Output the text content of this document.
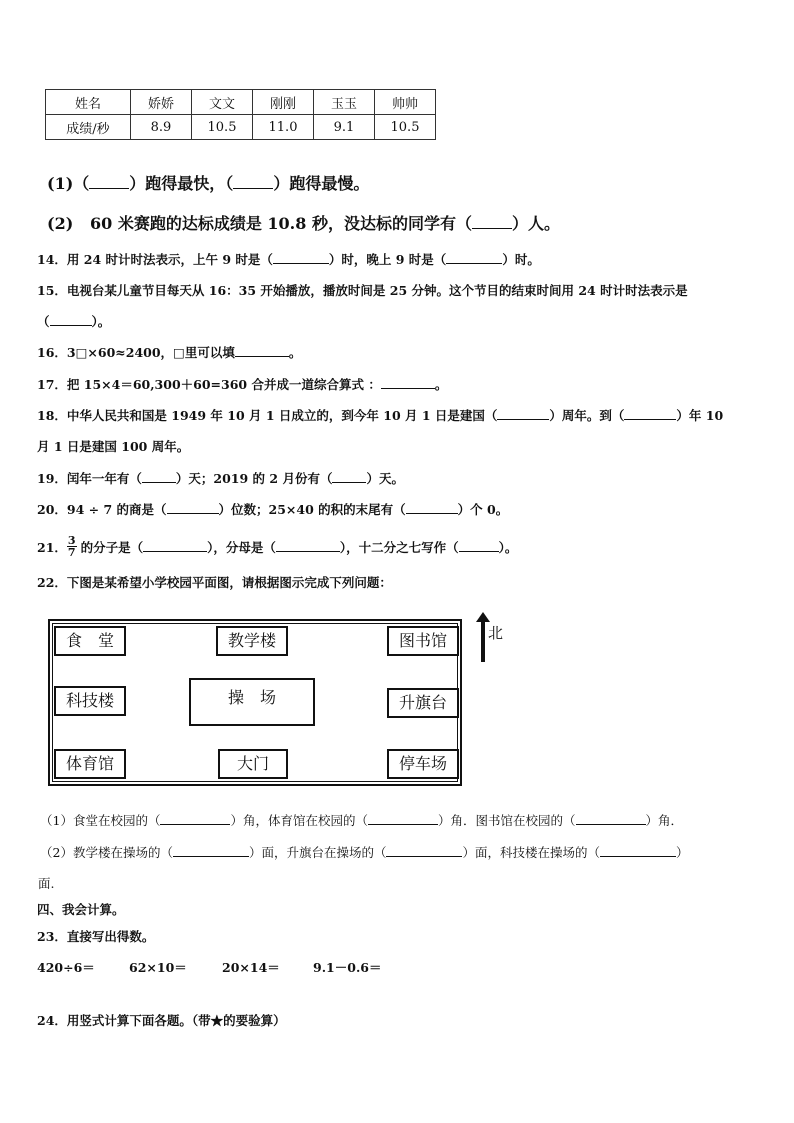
姓名	娇娇	文文	刚刚	玉玉	帅帅
成绩/秒	8.9	10.5	11.0	9.1	10.5
(1)（	）跑得最快，（	）跑得最慢。
(2) 60 米赛跑的达标成绩是 10.8 秒，没达标的同学有（	）人。
14．用 24 时计时法表示，上午 9 时是（	）时，晚上 9 时是（	）时。
15．电视台某儿童节目每天从 16：35 开始播放，播放时间是 25 分钟。这个节目的结束时间用 24 时计时法表示是
（	）。
16．3□×60≈2400，□里可以填	。
17．把 15×4＝60,300＋60=360 合并成一道综合算式 ：	。
18．中华人民共和国是 1949 年 10 月 1 日成立的，到今年 10 月 1 日是建国（	）周年。到（	）年 10
月 1 日是建国 100 周年。
19．闰年一年有（	）天；2019 的 2 月份有（	）天。
20．94 ÷ 7 的商是（	）位数；25×40 的积的末尾有（	）个 0。
21． $\frac{3}{7}$ 的分子是（	），分母是（	），十二分之七写作（	）。
22．下图是某希望小学校园平面图，请根据图示完成下列问题：
食　堂	教学楼	图书馆
科技楼	操　场	升旗台
体育馆	大门	停车场
北
（1）食堂在校园的（	）角，体育馆在校园的（	）角．图书馆在校园的（	）角．
（2）教学楼在操场的（	）面，升旗台在操场的（	）面，科技楼在操场的（	）
面.
四、我会计算。
23．直接写出得数。
420÷6＝	62×10＝	20×14＝	9.1－0.6＝
24．用竖式计算下面各题。（带★的要验算）
